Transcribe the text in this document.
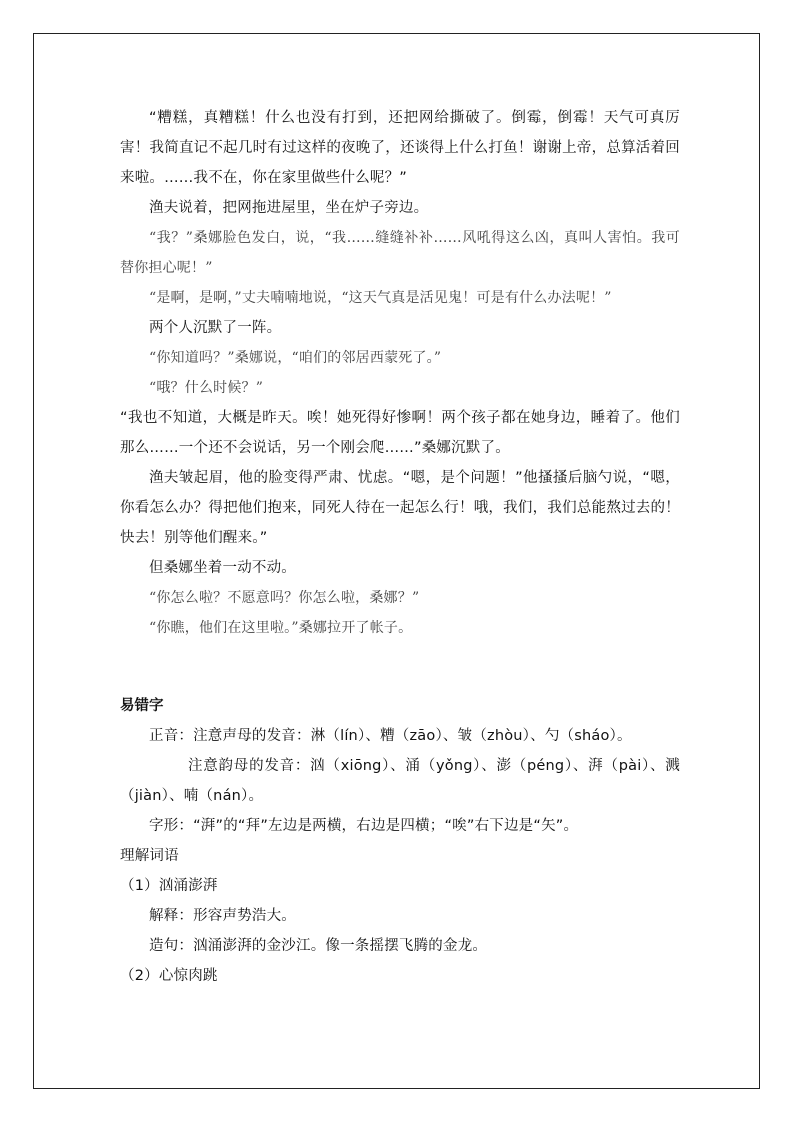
“糟糕，真糟糕！什么也没有打到，还把网给撕破了。倒霉，倒霉！天气可真厉害！我简直记不起几时有过这样的夜晚了，还谈得上什么打鱼！谢谢上帝，总算活着回来啦。……我不在，你在家里做些什么呢？”

渔夫说着，把网拖进屋里，坐在炉子旁边。

“我？”桑娜脸色发白，说，“我……缝缝补补……风吼得这么凶，真叫人害怕。我可替你担心呢！”

“是啊，是啊，”丈夫喃喃地说，“这天气真是活见鬼！可是有什么办法呢！”

两个人沉默了一阵。

“你知道吗？”桑娜说，“咱们的邻居西蒙死了。”

“哦？什么时候？”

“我也不知道，大概是昨天。唉！她死得好惨啊！两个孩子都在她身边，睡着了。他们那么……一个还不会说话，另一个刚会爬……”桑娜沉默了。

渔夫皱起眉，他的脸变得严肃、忧虑。“嗯，是个问题！”他搔搔后脑勺说，“嗯，你看怎么办？得把他们抱来，同死人待在一起怎么行！哦，我们，我们总能熬过去的！快去！别等他们醒来。”

但桑娜坐着一动不动。

“你怎么啦？不愿意吗？你怎么啦，桑娜？”

“你瞧，他们在这里啦。”桑娜拉开了帐子。

易错字

正音：注意声母的发音：淋（lín）、糟（zāo）、皱（zhòu）、勺（sháo）。

注意韵母的发音：汹（xiōng）、涌（yǒng）、澎（péng）、湃（pài）、溅（jiàn）、喃（nán）。

字形：“湃”的“拜”左边是两横，右边是四横；“唉”右下边是“矢”。

理解词语

（1）汹涌澎湃

解释：形容声势浩大。

造句：汹涌澎湃的金沙江。像一条摇摆飞腾的金龙。

（2）心惊肉跳
